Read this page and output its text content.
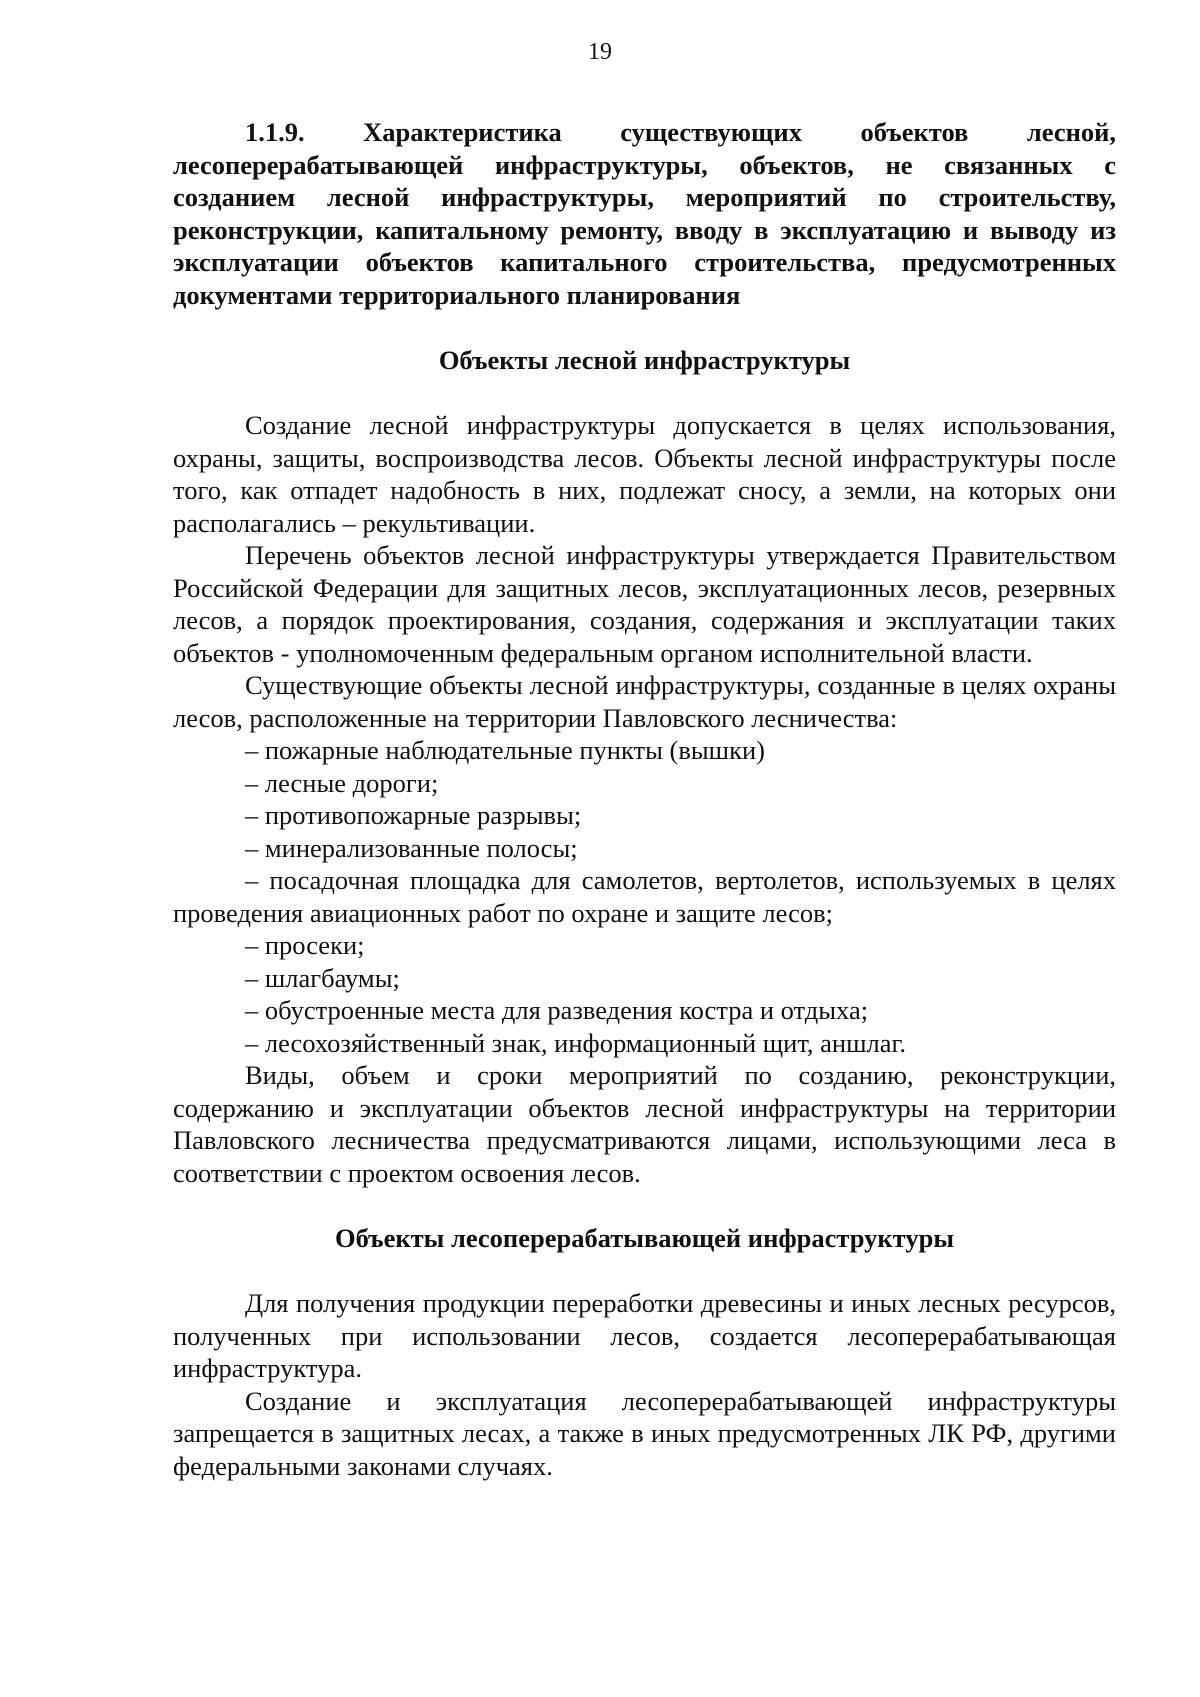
19
1.1.9. Характеристика существующих объектов лесной, лесоперерабатывающей инфраструктуры, объектов, не связанных с созданием лесной инфраструктуры, мероприятий по строительству, реконструкции, капитальному ремонту, вводу в эксплуатацию и выводу из эксплуатации объектов капитального строительства, предусмотренных документами территориального планирования
Объекты лесной инфраструктуры

Создание лесной инфраструктуры допускается в целях использования, охраны, защиты, воспроизводства лесов. Объекты лесной инфраструктуры после того, как отпадет надобность в них, подлежат сносу, а земли, на которых они располагались – рекультивации.

Перечень объектов лесной инфраструктуры утверждается Правительством Российской Федерации для защитных лесов, эксплуатационных лесов, резервных лесов, а порядок проектирования, создания, содержания и эксплуатации таких объектов - уполномоченным федеральным органом исполнительной власти.

Существующие объекты лесной инфраструктуры, созданные в целях охраны лесов, расположенные на территории Павловского лесничества:

– пожарные наблюдательные пункты (вышки)
– лесные дороги;
– противопожарные разрывы;
– минерализованные полосы;
– посадочная площадка для самолетов, вертолетов, используемых в целях проведения авиационных работ по охране и защите лесов;
– просеки;
– шлагбаумы;
– обустроенные места для разведения костра и отдыха;
– лесохозяйственный знак, информационный щит, аншлаг.

Виды, объем и сроки мероприятий по созданию, реконструкции, содержанию и эксплуатации объектов лесной инфраструктуры на территории Павловского лесничества предусматриваются лицами, использующими леса в соответствии с проектом освоения лесов.

Объекты лесоперерабатывающей инфраструктуры

Для получения продукции переработки древесины и иных лесных ресурсов, полученных при использовании лесов, создается лесоперерабатывающая инфраструктура.

Создание и эксплуатация лесоперерабатывающей инфраструктуры запрещается в защитных лесах, а также в иных предусмотренных ЛК РФ, другими федеральными законами случаях.
